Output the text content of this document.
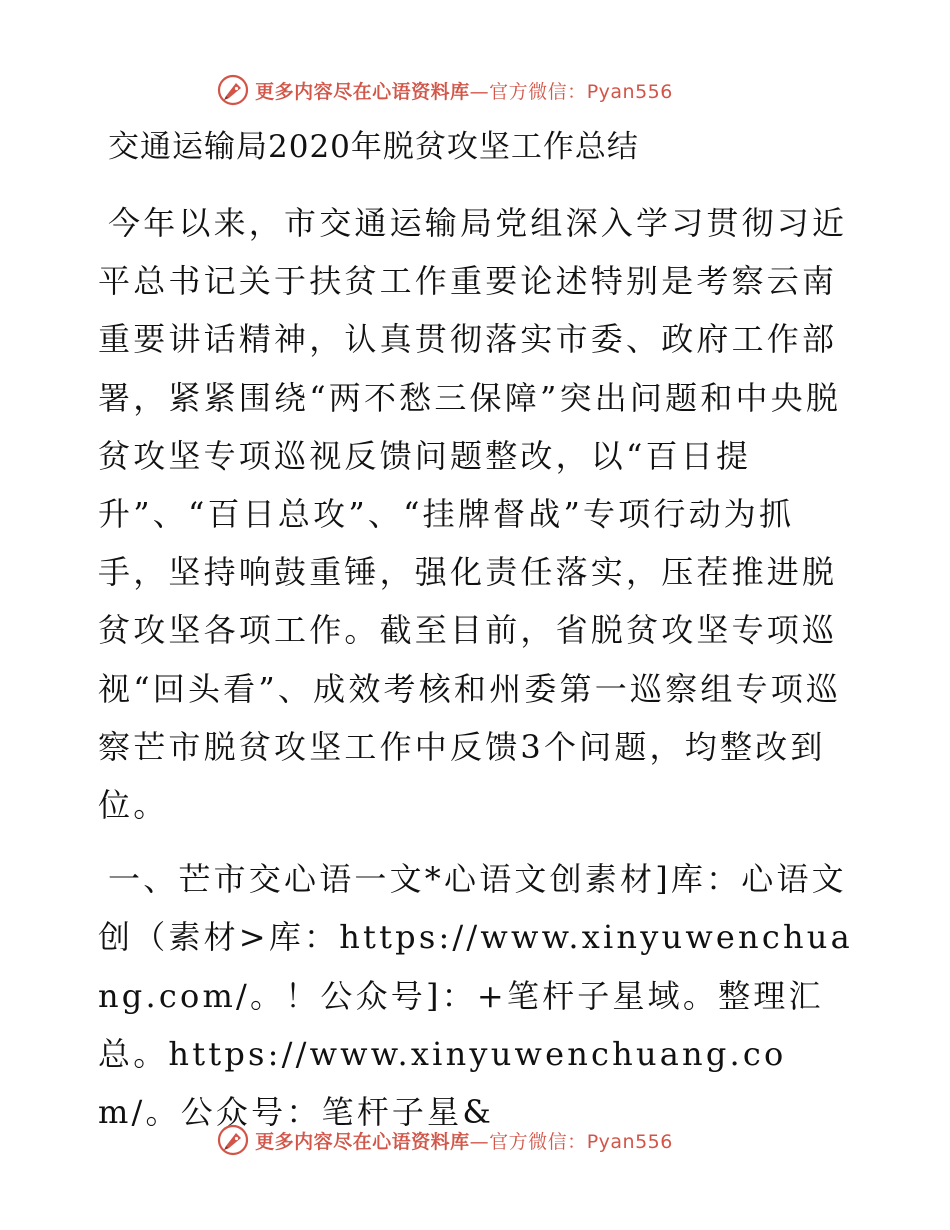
更多内容尽在心语资料库—官方微信：Pyan556
交通运输局2020年脱贫攻坚工作总结

今年以来，市交通运输局党组深入学习贯彻习近平总书记关于扶贫工作重要论述特别是考察云南重要讲话精神，认真贯彻落实市委、政府工作部署，紧紧围绕“两不愁三保障”突出问题和中央脱贫攻坚专项巡视反馈问题整改，以“百日提升”、“百日总攻”、“挂牌督战”专项行动为抓手，坚持响鼓重锤，强化责任落实，压茬推进脱贫攻坚各项工作。截至目前，省脱贫攻坚专项巡视“回头看”、成效考核和州委第一巡察组专项巡察芒市脱贫攻坚工作中反馈3个问题，均整改到位。

一、芒市交心语一文*心语文创素材]库：心语文创（素材>库：https://www.xinyuwenchuang.com/。！公众号]：+笔杆子星域。整理汇总。https://www.xinyuwenchuang.com/。公众号：笔杆子星&

更多内容尽在心语资料库—官方微信：Pyan556
